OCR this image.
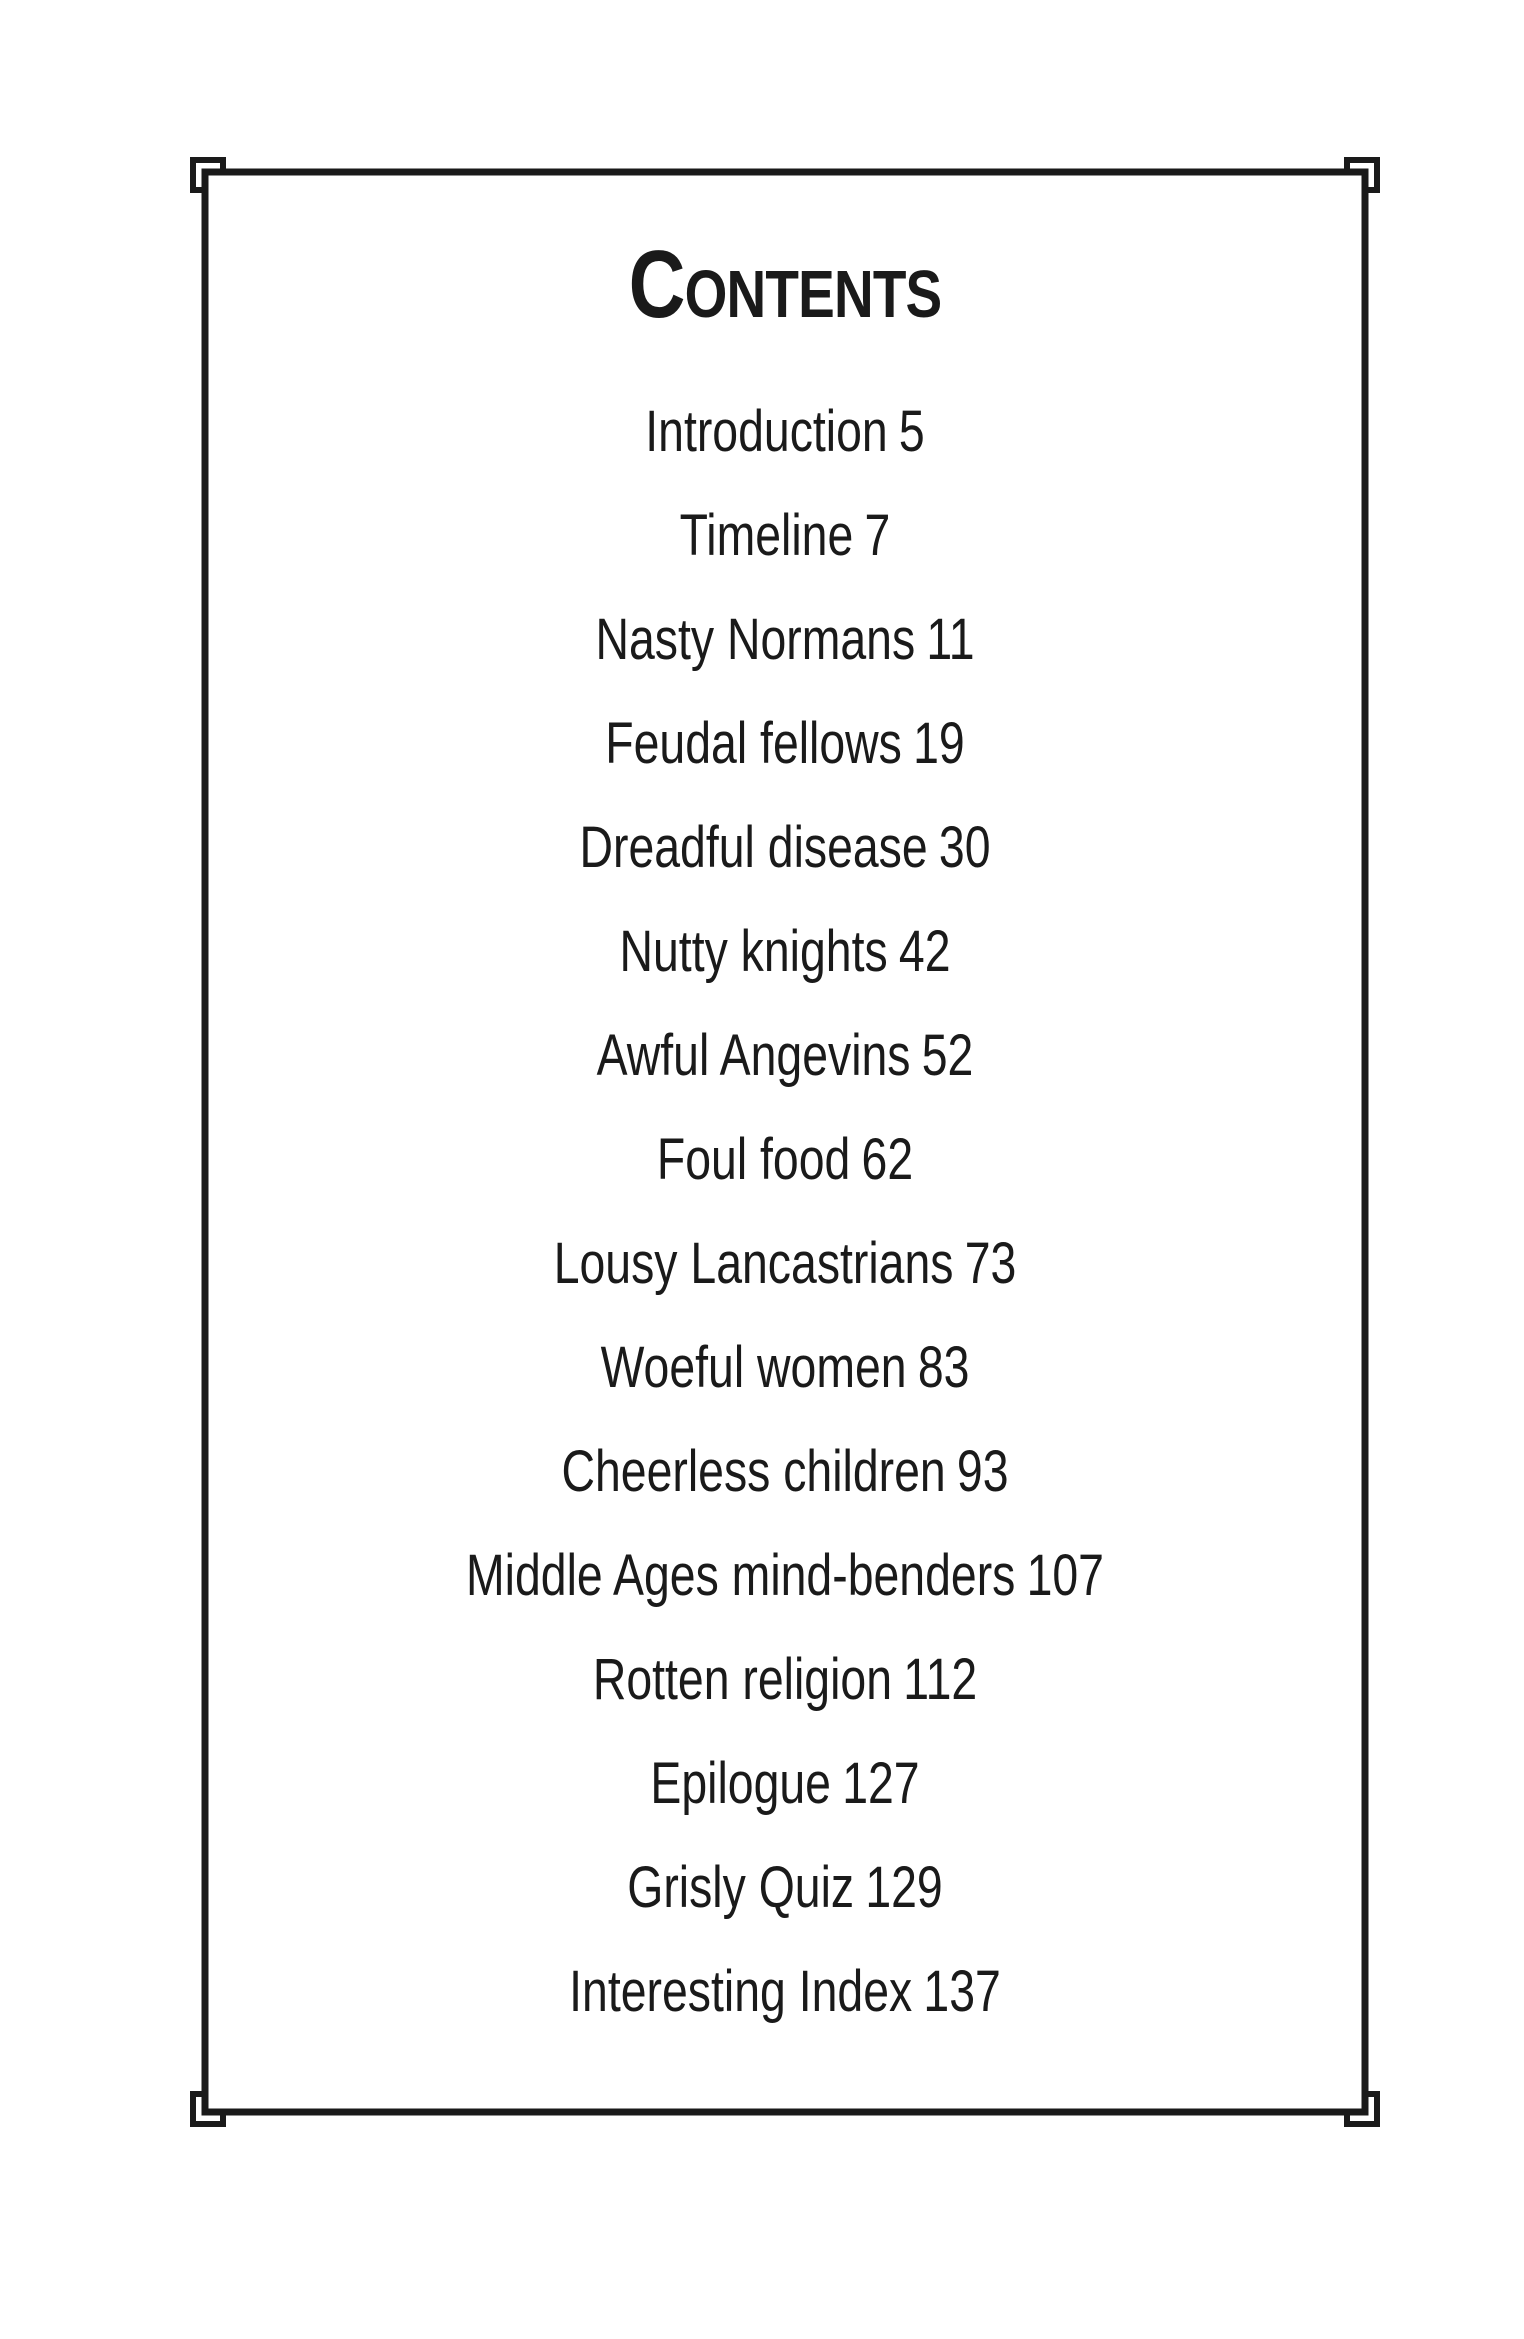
Contents
Introduction 5
Timeline 7
Nasty Normans 11
Feudal fellows 19
Dreadful disease 30
Nutty knights 42
Awful Angevins 52
Foul food 62
Lousy Lancastrians 73
Woeful women 83
Cheerless children 93
Middle Ages mind-benders 107
Rotten religion 112
Epilogue 127
Grisly Quiz 129
Interesting Index 137
